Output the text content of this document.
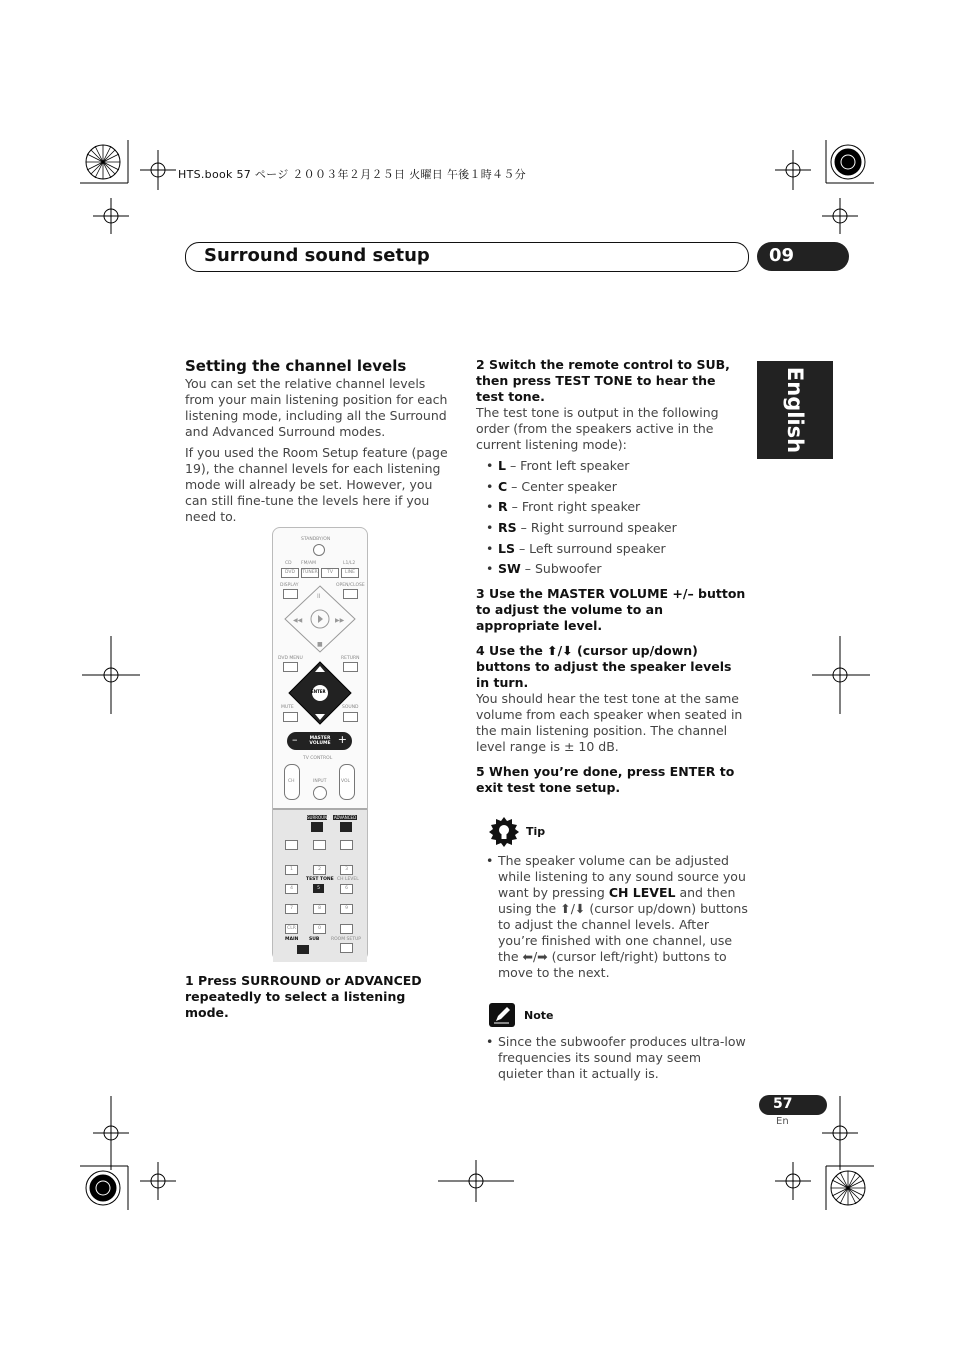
HTS.book 57 ページ ２００３年２月２５日 火曜日 午後１時４５分
Surround sound setup	09
English
Setting the channel levels

You can set the relative channel levels from your main listening position for each listening mode, including all the Surround and Advanced Surround modes.

If you used the Room Setup feature (page 19), the channel levels for each listening mode will already be set. However, you can still fine-tune the levels here if you need to.

STANDBY/ON
CD FM/AM	L1/L2
DVD	TUNER	TV	LINE
DISPLAY	OPEN/CLOSE
II
■
◀◀	▶▶
DVD MENU	RETURN
ENTER
MUTE	SOUND
–	+
MASTER VOLUME
TV CONTROL
CH	INPUT	VOL
SURROUND ADVANCED
1	2	3
TEST TONE CH LEVEL
4	5	6
7	8	9
CLR	0
MAIN SUB	ROOM SETUP
1 Press SURROUND or ADVANCED repeatedly to select a listening mode.
2 Switch the remote control to SUB, then press TEST TONE to hear the test tone.

The test tone is output in the following order (from the speakers active in the current listening mode):

• L – Front left speaker
• C – Center speaker
• R – Front right speaker
• RS – Right surround speaker
• LS – Left surround speaker
• SW – Subwoofer
3 Use the MASTER VOLUME +/– button to adjust the volume to an appropriate level.
4 Use the ⬆/⬇ (cursor up/down) buttons to adjust the speaker levels in turn.

You should hear the test tone at the same volume from each speaker when seated in the main listening position. The channel level range is ± 10 dB.

5 When you’re done, press ENTER to exit test tone setup.
Tip
• The speaker volume can be adjusted while listening to any sound source you want by pressing CH LEVEL and then using the ⬆/⬇ (cursor up/down) buttons to adjust the channel levels. After you’re finished with one channel, use the ⬅/➡ (cursor left/right) buttons to move to the next.
Note
• Since the subwoofer produces ultra-low frequencies its sound may seem quieter than it actually is.
57
En
